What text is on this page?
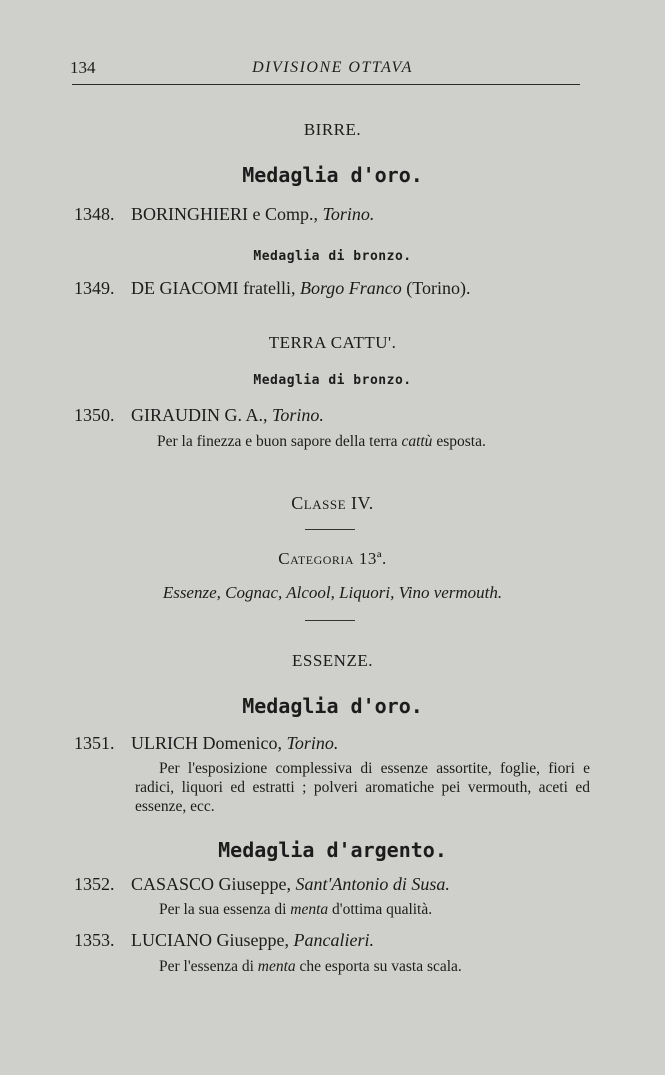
134	DIVISIONE OTTAVA
BIRRE.
Medaglia d'oro.
1348. BORINGHIERI e Comp., Torino.
Medaglia di bronzo.
1349. DE GIACOMI fratelli, Borgo Franco (Torino).
TERRA CATTU'.
Medaglia di bronzo.
1350. GIRAUDIN G. A., Torino.
Per la finezza e buon sapore della terra cattù esposta.
Classe IV.
Categoria 13ª.
Essenze, Cognac, Alcool, Liquori, Vino vermouth.
ESSENZE.
Medaglia d'oro.
1351. ULRICH Domenico, Torino.
Per l'esposizione complessiva di essenze assortite, foglie, fiori e radici, liquori ed estratti ; polveri aromatiche pei vermouth, aceti ed essenze, ecc.
Medaglia d'argento.
1352. CASASCO Giuseppe, Sant'Antonio di Susa.
Per la sua essenza di menta d'ottima qualità.
1353. LUCIANO Giuseppe, Pancalieri.
Per l'essenza di menta che esporta su vasta scala.
